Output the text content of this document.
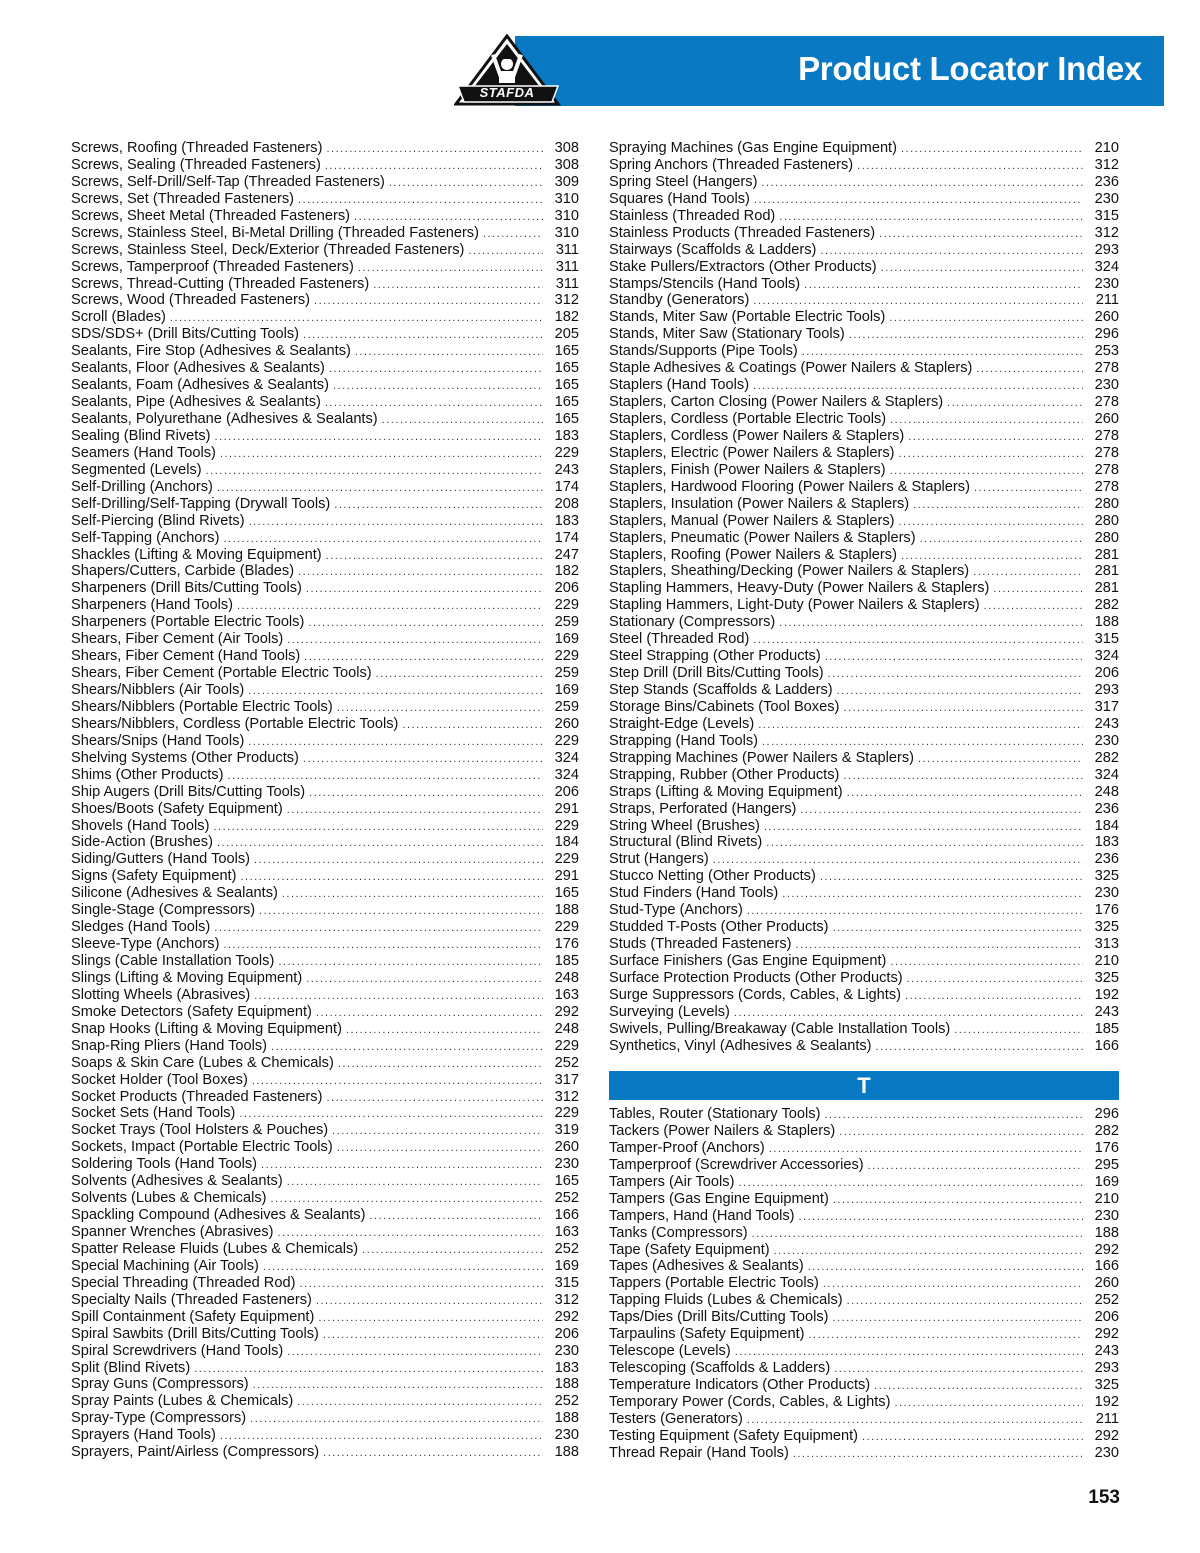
Product Locator Index
STAFDA
Screws, Roofing (Threaded Fasteners) .....	308
Screws, Sealing (Threaded Fasteners) .....	308
Screws, Self-Drill/Self-Tap (Threaded Fasteners) .....	309
Screws, Set (Threaded Fasteners) .....	310
Screws, Sheet Metal (Threaded Fasteners) .....	310
Screws, Stainless Steel, Bi-Metal Drilling (Threaded Fasteners) .....	310
Screws, Stainless Steel, Deck/Exterior (Threaded Fasteners) .....	311
Screws, Tamperproof (Threaded Fasteners) .....	311
Screws, Thread-Cutting (Threaded Fasteners) .....	311
Screws, Wood (Threaded Fasteners) .....	312
Scroll (Blades) .....	182
SDS/SDS+ (Drill Bits/Cutting Tools) .....	205
Sealants, Fire Stop (Adhesives & Sealants) .....	165
Sealants, Floor (Adhesives & Sealants) .....	165
Sealants, Foam (Adhesives & Sealants) .....	165
Sealants, Pipe (Adhesives & Sealants) .....	165
Sealants, Polyurethane (Adhesives & Sealants) .....	165
Sealing (Blind Rivets) .....	183
Seamers (Hand Tools) .....	229
Segmented (Levels) .....	243
Self-Drilling (Anchors) .....	174
Self-Drilling/Self-Tapping (Drywall Tools) .....	208
Self-Piercing (Blind Rivets) .....	183
Self-Tapping (Anchors) .....	174
Shackles (Lifting & Moving Equipment) .....	247
Shapers/Cutters, Carbide (Blades) .....	182
Sharpeners (Drill Bits/Cutting Tools) .....	206
Sharpeners (Hand Tools) .....	229
Sharpeners (Portable Electric Tools) .....	259
Shears, Fiber Cement (Air Tools) .....	169
Shears, Fiber Cement (Hand Tools) .....	229
Shears, Fiber Cement (Portable Electric Tools) .....	259
Shears/Nibblers (Air Tools) .....	169
Shears/Nibblers (Portable Electric Tools) .....	259
Shears/Nibblers, Cordless (Portable Electric Tools) .....	260
Shears/Snips (Hand Tools) .....	229
Shelving Systems (Other Products) .....	324
Shims (Other Products) .....	324
Ship Augers (Drill Bits/Cutting Tools) .....	206
Shoes/Boots (Safety Equipment) .....	291
Shovels (Hand Tools) .....	229
Side-Action (Brushes) .....	184
Siding/Gutters (Hand Tools) .....	229
Signs (Safety Equipment) .....	291
Silicone (Adhesives & Sealants) .....	165
Single-Stage (Compressors) .....	188
Sledges (Hand Tools) .....	229
Sleeve-Type (Anchors) .....	176
Slings (Cable Installation Tools) .....	185
Slings (Lifting & Moving Equipment) .....	248
Slotting Wheels (Abrasives) .....	163
Smoke Detectors (Safety Equipment) .....	292
Snap Hooks (Lifting & Moving Equipment) .....	248
Snap-Ring Pliers (Hand Tools) .....	229
Soaps & Skin Care (Lubes & Chemicals) .....	252
Socket Holder (Tool Boxes) .....	317
Socket Products (Threaded Fasteners) .....	312
Socket Sets (Hand Tools) .....	229
Socket Trays (Tool Holsters & Pouches) .....	319
Sockets, Impact (Portable Electric Tools) .....	260
Soldering Tools (Hand Tools) .....	230
Solvents (Adhesives & Sealants) .....	165
Solvents (Lubes & Chemicals) .....	252
Spackling Compound (Adhesives & Sealants) .....	166
Spanner Wrenches (Abrasives) .....	163
Spatter Release Fluids (Lubes & Chemicals) .....	252
Special Machining (Air Tools) .....	169
Special Threading (Threaded Rod) .....	315
Specialty Nails (Threaded Fasteners) .....	312
Spill Containment (Safety Equipment) .....	292
Spiral Sawbits (Drill Bits/Cutting Tools) .....	206
Spiral Screwdrivers (Hand Tools) .....	230
Split (Blind Rivets) .....	183
Spray Guns (Compressors) .....	188
Spray Paints (Lubes & Chemicals) .....	252
Spray-Type (Compressors) .....	188
Sprayers (Hand Tools) .....	230
Sprayers, Paint/Airless (Compressors) .....	188
Spraying Machines (Gas Engine Equipment) .....	210
Spring Anchors (Threaded Fasteners) .....	312
Spring Steel (Hangers) .....	236
Squares (Hand Tools) .....	230
Stainless (Threaded Rod) .....	315
Stainless Products (Threaded Fasteners) .....	312
Stairways (Scaffolds & Ladders) .....	293
Stake Pullers/Extractors (Other Products) .....	324
Stamps/Stencils (Hand Tools) .....	230
Standby (Generators) .....	211
Stands, Miter Saw (Portable Electric Tools) .....	260
Stands, Miter Saw (Stationary Tools) .....	296
Stands/Supports (Pipe Tools) .....	253
Staple Adhesives & Coatings (Power Nailers & Staplers) .....	278
Staplers (Hand Tools) .....	230
Staplers, Carton Closing (Power Nailers & Staplers) .....	278
Staplers, Cordless (Portable Electric Tools) .....	260
Staplers, Cordless (Power Nailers & Staplers) .....	278
Staplers, Electric (Power Nailers & Staplers) .....	278
Staplers, Finish (Power Nailers & Staplers) .....	278
Staplers, Hardwood Flooring (Power Nailers & Staplers) .....	278
Staplers, Insulation (Power Nailers & Staplers) .....	280
Staplers, Manual (Power Nailers & Staplers) .....	280
Staplers, Pneumatic (Power Nailers & Staplers) .....	280
Staplers, Roofing (Power Nailers & Staplers) .....	281
Staplers, Sheathing/Decking (Power Nailers & Staplers) .....	281
Stapling Hammers, Heavy-Duty (Power Nailers & Staplers) .....	281
Stapling Hammers, Light-Duty (Power Nailers & Staplers) .....	282
Stationary (Compressors) .....	188
Steel (Threaded Rod) .....	315
Steel Strapping (Other Products) .....	324
Step Drill (Drill Bits/Cutting Tools) .....	206
Step Stands (Scaffolds & Ladders) .....	293
Storage Bins/Cabinets (Tool Boxes) .....	317
Straight-Edge (Levels) .....	243
Strapping (Hand Tools) .....	230
Strapping Machines (Power Nailers & Staplers) .....	282
Strapping, Rubber (Other Products) .....	324
Straps (Lifting & Moving Equipment) .....	248
Straps, Perforated (Hangers) .....	236
String Wheel (Brushes) .....	184
Structural (Blind Rivets) .....	183
Strut (Hangers) .....	236
Stucco Netting (Other Products) .....	325
Stud Finders (Hand Tools) .....	230
Stud-Type (Anchors) .....	176
Studded T-Posts (Other Products) .....	325
Studs (Threaded Fasteners) .....	313
Surface Finishers (Gas Engine Equipment) .....	210
Surface Protection Products (Other Products) .....	325
Surge Suppressors (Cords, Cables, & Lights) .....	192
Surveying (Levels) .....	243
Swivels, Pulling/Breakaway (Cable Installation Tools) .....	185
Synthetics, Vinyl (Adhesives & Sealants) .....	166
T
Tables, Router (Stationary Tools) .....	296
Tackers (Power Nailers & Staplers) .....	282
Tamper-Proof (Anchors) .....	176
Tamperproof (Screwdriver Accessories) .....	295
Tampers (Air Tools) .....	169
Tampers (Gas Engine Equipment) .....	210
Tampers, Hand (Hand Tools) .....	230
Tanks (Compressors) .....	188
Tape (Safety Equipment) .....	292
Tapes (Adhesives & Sealants) .....	166
Tappers (Portable Electric Tools) .....	260
Tapping Fluids (Lubes & Chemicals) .....	252
Taps/Dies (Drill Bits/Cutting Tools) .....	206
Tarpaulins (Safety Equipment) .....	292
Telescope (Levels) .....	243
Telescoping (Scaffolds & Ladders) .....	293
Temperature Indicators (Other Products) .....	325
Temporary Power (Cords, Cables, & Lights) .....	192
Testers (Generators) .....	211
Testing Equipment (Safety Equipment) .....	292
Thread Repair (Hand Tools) .....	230
153
